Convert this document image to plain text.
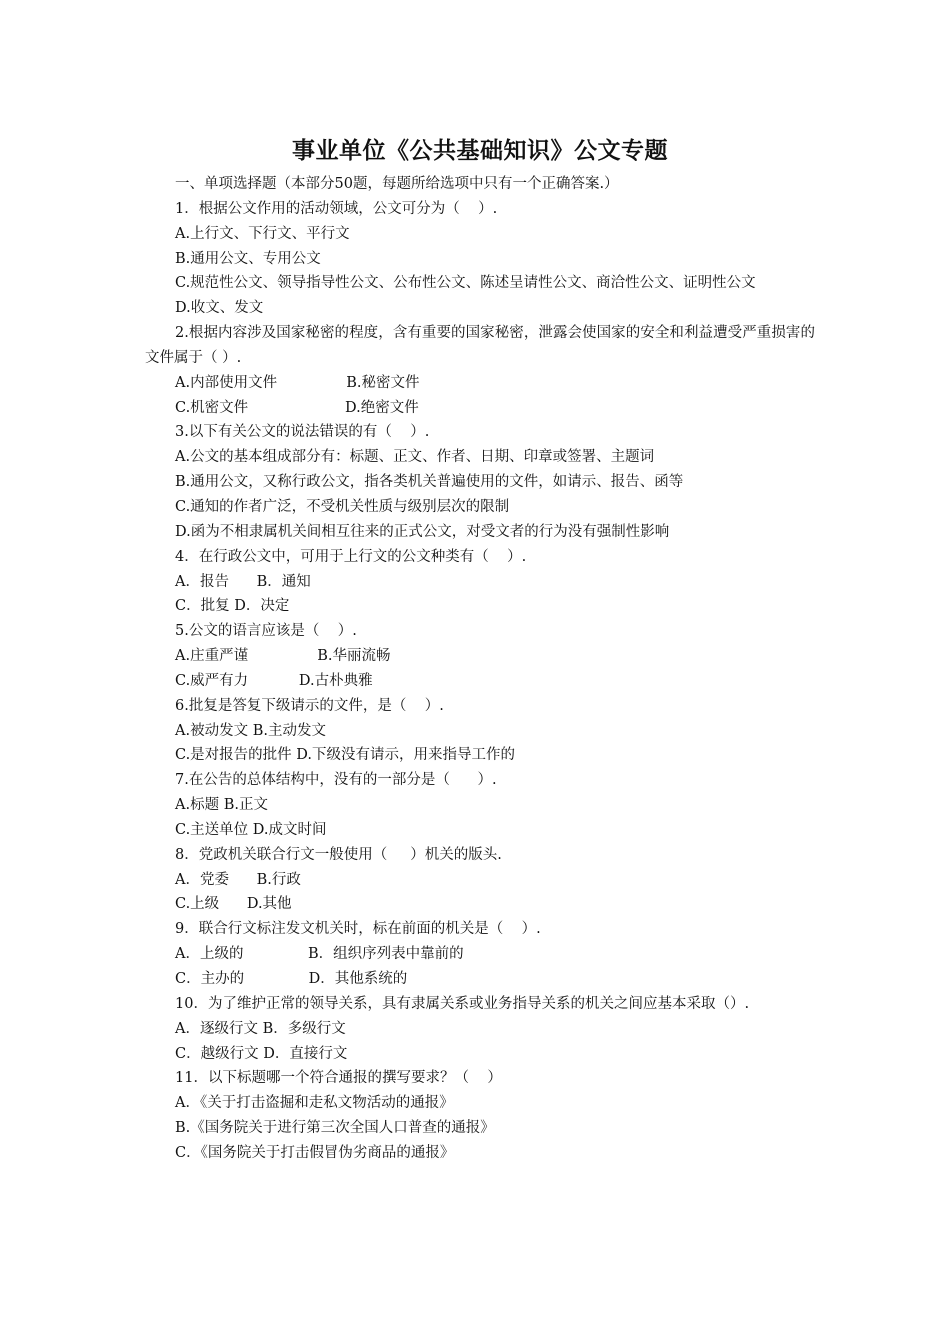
事业单位《公共基础知识》公文专题
一、单项选择题（本部分50题，每题所给选项中只有一个正确答案.）
1．根据公文作用的活动领域，公文可分为（    ）.
A.上行文、下行文、平行文
B.通用公文、专用公文
C.规范性公文、领导指导性公文、公布性公文、陈述呈请性公文、商洽性公文、证明性公文
D.收文、发文
2.根据内容涉及国家秘密的程度，含有重要的国家秘密，泄露会使国家的安全和利益遭受严重损害的文件属于（ ）.
A.内部使用文件               B.秘密文件
C.机密文件                     D.绝密文件
3.以下有关公文的说法错误的有（    ）.
A.公文的基本组成部分有：标题、正文、作者、日期、印章或签署、主题词
B.通用公文，又称行政公文，指各类机关普遍使用的文件，如请示、报告、函等
C.通知的作者广泛，不受机关性质与级别层次的限制
D.函为不相隶属机关间相互往来的正式公文，对受文者的行为没有强制性影响
4．在行政公文中，可用于上行文的公文种类有（    ）.
A．报告      B．通知
C．批复 D．决定
5.公文的语言应该是（    ）.
A.庄重严谨               B.华丽流畅
C.威严有力           D.古朴典雅
6.批复是答复下级请示的文件，是（    ）.
A.被动发文 B.主动发文
C.是对报告的批件 D.下级没有请示，用来指导工作的
7.在公告的总体结构中，没有的一部分是（      ）.
A.标题 B.正文
C.主送单位 D.成文时间
8．党政机关联合行文一般使用（     ）机关的版头.
A．党委      B.行政
C.上级      D.其他
9．联合行文标注发文机关时，标在前面的机关是（    ）.
A．上级的              B．组织序列表中靠前的
C．主办的              D．其他系统的
10．为了维护正常的领导关系，具有隶属关系或业务指导关系的机关之间应基本采取（）.
A．逐级行文 B．多级行文
C．越级行文 D．直接行文
11．以下标题哪一个符合通报的撰写要求？（    ）
A．《关于打击盗掘和走私文物活动的通报》
B.《国务院关于进行第三次全国人口普查的通报》
C．《国务院关于打击假冒伪劣商品的通报》
